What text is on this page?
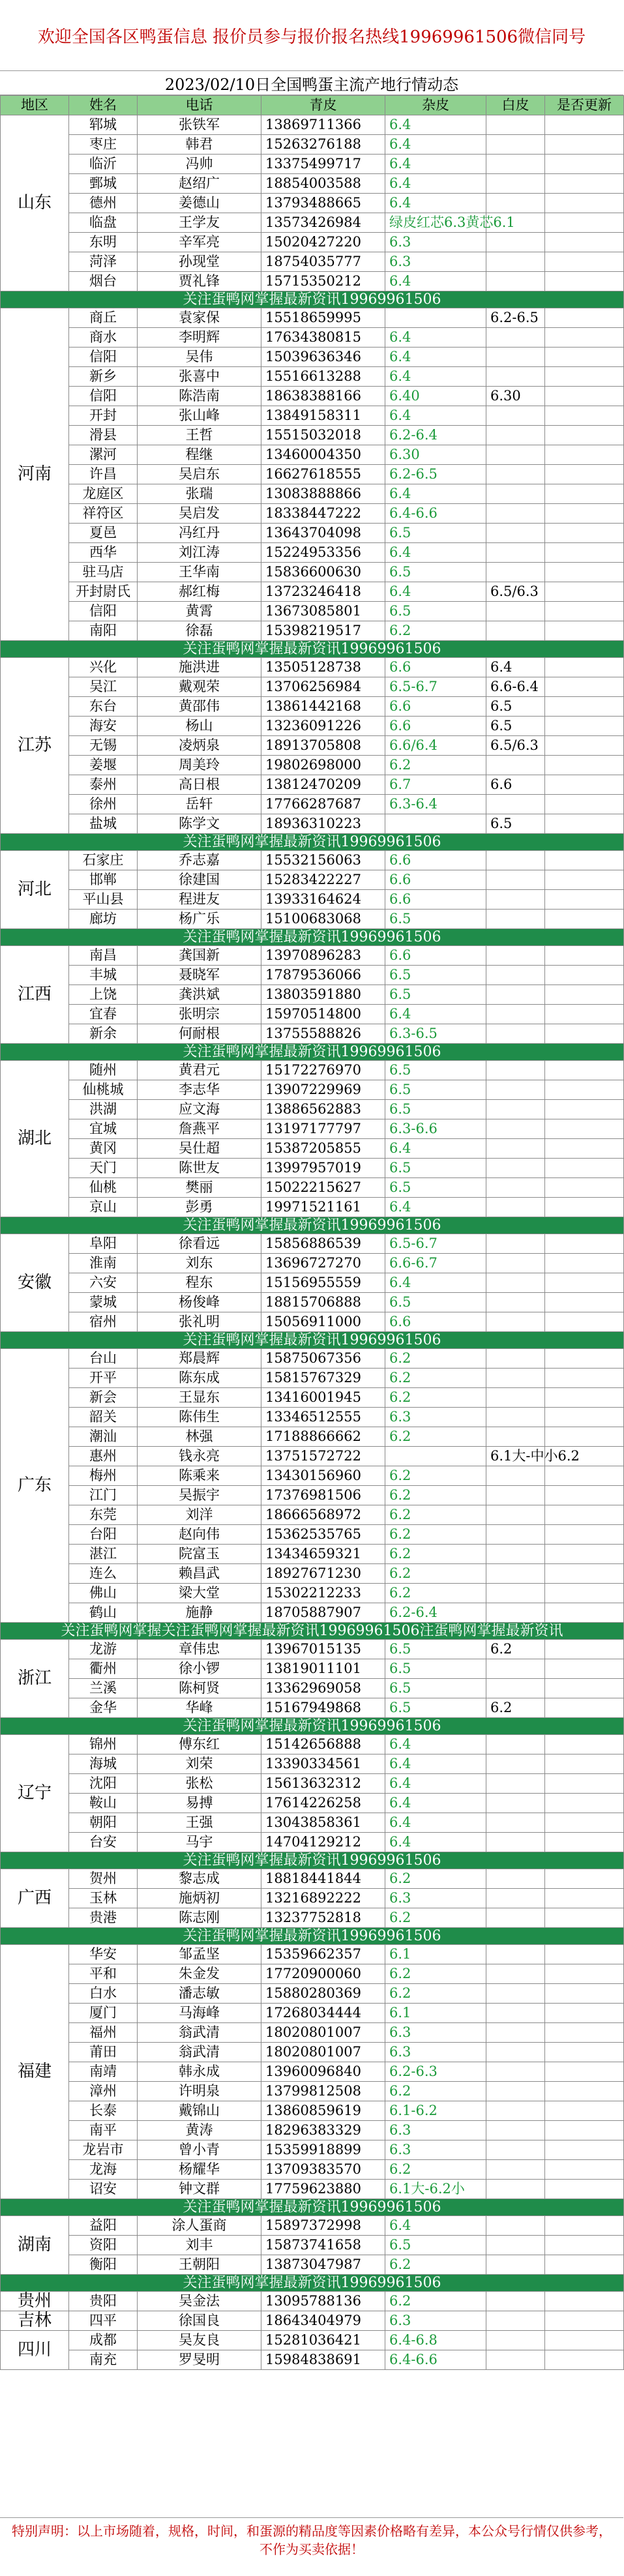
欢迎全国各区鸭蛋信息 报价员参与报价报名热线19969961506微信同号
2023/02/10日全国鸭蛋主流产地行情动态
地区	姓名	电话	青皮	杂皮	白皮	是否更新	
山东	郓城	张铁军	13869711366	6.4			
	枣庄	韩君	15263276188	6.4			
	临沂	冯帅	13375499717	6.4			
	鄄城	赵绍广	18854003588	6.4			
	德州	姜德山	13793488665	6.4			
	临盘	王学友	13573426984	绿皮红芯6.3黄芯6.1			
	东明	辛军亮	15020427220	6.3			
	菏泽	孙现堂	18754035777	6.3			
	烟台	贾礼锋	15715350212	6.4			
关注蛋鸭网掌握最新资讯19969961506							
河南	商丘	袁家保	15518659995		6.2-6.5		
	商水	李明辉	17634380815	6.4			
	信阳	吴伟	15039636346	6.4			
	新乡	张喜中	15516613288	6.4			
	信阳	陈浩南	18638388166	6.40	6.30		
	开封	张山峰	13849158311	6.4			
	滑县	王哲	15515032018	6.2-6.4			
	漯河	程继	13460004350	6.30			
	许昌	吴启东	16627618555	6.2-6.5			
	龙庭区	张瑞	13083888866	6.4			
	祥符区	吴启发	18338447222	6.4-6.6			
	夏邑	冯红丹	13643704098	6.5			
	西华	刘江涛	15224953356	6.4			
	驻马店	王华南	15836600630	6.5			
	开封尉氏	郝红梅	13723246418	6.4	6.5/6.3		
	信阳	黄霄	13673085801	6.5			
	南阳	徐磊	15398219517	6.2			
关注蛋鸭网掌握最新资讯19969961506							
江苏	兴化	施洪进	13505128738	6.6	6.4		
	吴江	戴观荣	13706256984	6.5-6.7	6.6-6.4		
	东台	黄邵伟	13861442168	6.6	6.5		
	海安	杨山	13236091226	6.6	6.5		
	无锡	凌炳泉	18913705808	6.6/6.4	6.5/6.3		
	姜堰	周美玲	19802698000	6.2			
	泰州	高日根	13812470209	6.7	6.6		
	徐州	岳轩	17766287687	6.3-6.4			
	盐城	陈学文	18936310223		6.5		
关注蛋鸭网掌握最新资讯19969961506							
河北	石家庄	乔志嘉	15532156063	6.6			
	邯郸	徐建国	15283422227	6.6			
	平山县	程进友	13933164624	6.6			
	廊坊	杨广乐	15100683068	6.5			
关注蛋鸭网掌握最新资讯19969961506							
江西	南昌	龚国新	13970896283	6.6			
	丰城	聂晓军	17879536066	6.5			
	上饶	龚洪斌	13803591880	6.5			
	宜春	张明宗	15970514800	6.4			
	新余	何耐根	13755588826	6.3-6.5			
关注蛋鸭网掌握最新资讯19969961506							
湖北	随州	黄君元	15172276970	6.5			
	仙桃城	李志华	13907229969	6.5			
	洪湖	应文海	13886562883	6.5			
	宜城	詹燕平	13197177797	6.3-6.6			
	黄冈	吴仕超	15387205855	6.4			
	天门	陈世友	13997957019	6.5			
	仙桃	樊丽	15022215627	6.5			
	京山	彭勇	19971521161	6.4			
关注蛋鸭网掌握最新资讯19969961506							
安徽	阜阳	徐看远	15856886539	6.5-6.7			
	淮南	刘东	13696727270	6.6-6.7			
	六安	程东	15156955559	6.4			
	蒙城	杨俊峰	18815706888	6.5			
	宿州	张礼明	15056911000	6.6			
关注蛋鸭网掌握最新资讯19969961506							
广东	台山	郑晨辉	15875067356	6.2			
	开平	陈东成	15815767329	6.2			
	新会	王显东	13416001945	6.2			
	韶关	陈伟生	13346512555	6.3			
	潮汕	林强	17188866662	6.2			
	惠州	钱永亮	13751572722		6.1大-中小6.2		
	梅州	陈乘来	13430156960	6.2			
	江门	吴振宇	17376981506	6.2			
	东莞	刘洋	18666568972	6.2			
	台阳	赵向伟	15362535765	6.2			
	湛江	院富玉	13434659321	6.2			
	连么	赖昌武	18927671230	6.2			
	佛山	梁大堂	15302212233	6.2			
	鹤山	施静	18705887907	6.2-6.4			
关注蛋鸭网掌握关注蛋鸭网掌握最新资讯19969961506注蛋鸭网掌握最新资讯							
浙江	龙游	章伟忠	13967015135	6.5	6.2		
	衢州	徐小锣	13819011101	6.5			
	兰溪	陈柯贤	13362969058	6.5			
	金华	华峰	15167949868	6.5	6.2		
关注蛋鸭网掌握最新资讯19969961506							
辽宁	锦州	傅东红	15142656888	6.4			
	海城	刘荣	13390334561	6.4			
	沈阳	张松	15613632312	6.4			
	鞍山	易搏	17614226258	6.4			
	朝阳	王强	13043858361	6.4			
	台安	马宇	14704129212	6.4			
关注蛋鸭网掌握最新资讯19969961506							
广西	贺州	黎志成	18818441844	6.2			
	玉林	施炳初	13216892222	6.3			
	贵港	陈志刚	13237752818	6.2			
关注蛋鸭网掌握最新资讯19969961506							
福建	华安	邹孟坚	15359662357	6.1			
	平和	朱金发	17720900060	6.2			
	白水	潘志敏	15880280369	6.2			
	厦门	马海峰	17268034444	6.1			
	福州	翁武清	18020801007	6.3			
	莆田	翁武清	18020801007	6.3			
	南靖	韩永成	13960096840	6.2-6.3			
	漳州	许明泉	13799812508	6.2			
	长泰	戴锦山	13860859619	6.1-6.2			
	南平	黄涛	18296383329	6.3			
	龙岩市	曾小青	15359918899	6.3			
	龙海	杨耀华	13709383570	6.2			
	诏安	钟文群	17759623880	6.1大-6.2小			
关注蛋鸭网掌握最新资讯19969961506							
湖南	益阳	涂人蛋商	15897372998	6.4			
	资阳	刘丰	15873741658	6.5			
	衡阳	王朝阳	13873047987	6.2			
关注蛋鸭网掌握最新资讯19969961506							
贵州	贵阳	吴金法	13095788136	6.2			
吉林	四平	徐国良	18643404979	6.3			
四川	成都	吴友良	15281036421	6.4-6.8			
	南充	罗旻明	15984838691	6.4-6.6			
特别声明：以上市场随着，规格，时间，和蛋源的精品度等因素价格略有差异，本公众号行情仅供参考，不作为买卖依据！
